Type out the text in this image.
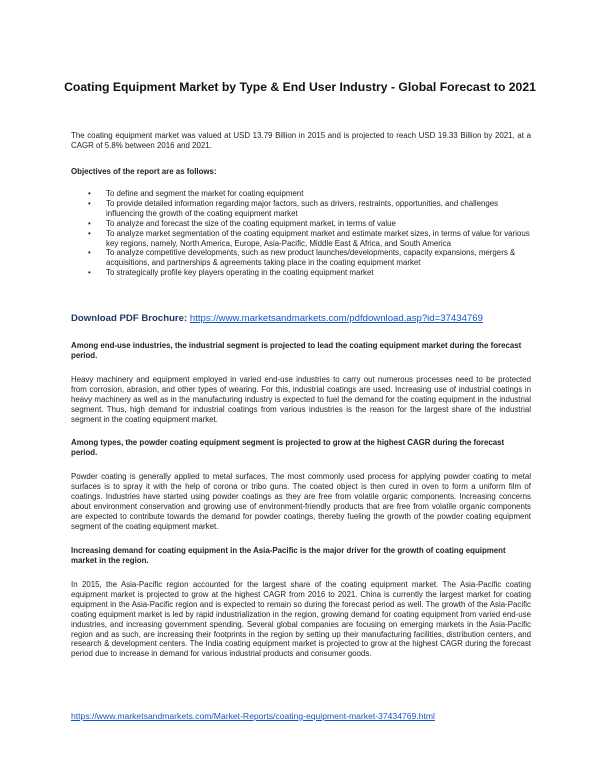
Coating Equipment Market by Type & End User Industry - Global Forecast to 2021
The coating equipment market was valued at USD 13.79 Billion in 2015 and is projected to reach USD 19.33 Billion by 2021, at a CAGR of 5.8% between 2016 and 2021.
Objectives of the report are as follows:
• To define and segment the market for coating equipment
• To provide detailed information regarding major factors, such as drivers, restraints, opportunities, and challenges influencing the growth of the coating equipment market
• To analyze and forecast the size of the coating equipment market, in terms of value
• To analyze market segmentation of the coating equipment market and estimate market sizes, in terms of value for various key regions, namely, North America, Europe, Asia-Pacific, Middle East & Africa, and South America
• To analyze competitive developments, such as new product launches/developments, capacity expansions, mergers & acquisitions, and partnerships & agreements taking place in the coating equipment market
• To strategically profile key players operating in the coating equipment market
Download PDF Brochure: https://www.marketsandmarkets.com/pdfdownload.asp?id=37434769
Among end-use industries, the industrial segment is projected to lead the coating equipment market during the forecast period.
Heavy machinery and equipment employed in varied end-use industries to carry out numerous processes need to be protected from corrosion, abrasion, and other types of wearing. For this, industrial coatings are used. Increasing use of industrial coatings in heavy machinery as well as in the manufacturing industry is expected to fuel the demand for the coating equipment in the industrial segment. Thus, high demand for industrial coatings from various industries is the reason for the largest share of the industrial segment in the coating equipment market.
Among types, the powder coating equipment segment is projected to grow at the highest CAGR during the forecast period.
Powder coating is generally applied to metal surfaces. The most commonly used process for applying powder coating to metal surfaces is to spray it with the help of corona or tribo guns. The coated object is then cured in oven to form a uniform film of coatings. Industries have started using powder coatings as they are free from volatile organic components. Increasing concerns about environment conservation and growing use of environment-friendly products that are free from volatile organic components are expected to contribute towards the demand for powder coatings, thereby fueling the growth of the powder coating equipment segment of the coating equipment market.
Increasing demand for coating equipment in the Asia-Pacific is the major driver for the growth of coating equipment market in the region.
In 2015, the Asia-Pacific region accounted for the largest share of the coating equipment market. The Asia-Pacific coating equipment market is projected to grow at the highest CAGR from 2016 to 2021. China is currently the largest market for coating equipment in the Asia-Pacific region and is expected to remain so during the forecast period as well. The growth of the Asia-Pacific coating equipment market is led by rapid industrialization in the region, growing demand for coating equipment from varied end-use industries, and increasing government spending. Several global companies are focusing on emerging markets in the Asia-Pacific region and as such, are increasing their footprints in the region by setting up their manufacturing facilities, distribution centers, and research & development centers. The India coating equipment market is projected to grow at the highest CAGR during the forecast period due to increase in demand for various industrial products and consumer goods.
https://www.marketsandmarkets.com/Market-Reports/coating-equipment-market-37434769.html
